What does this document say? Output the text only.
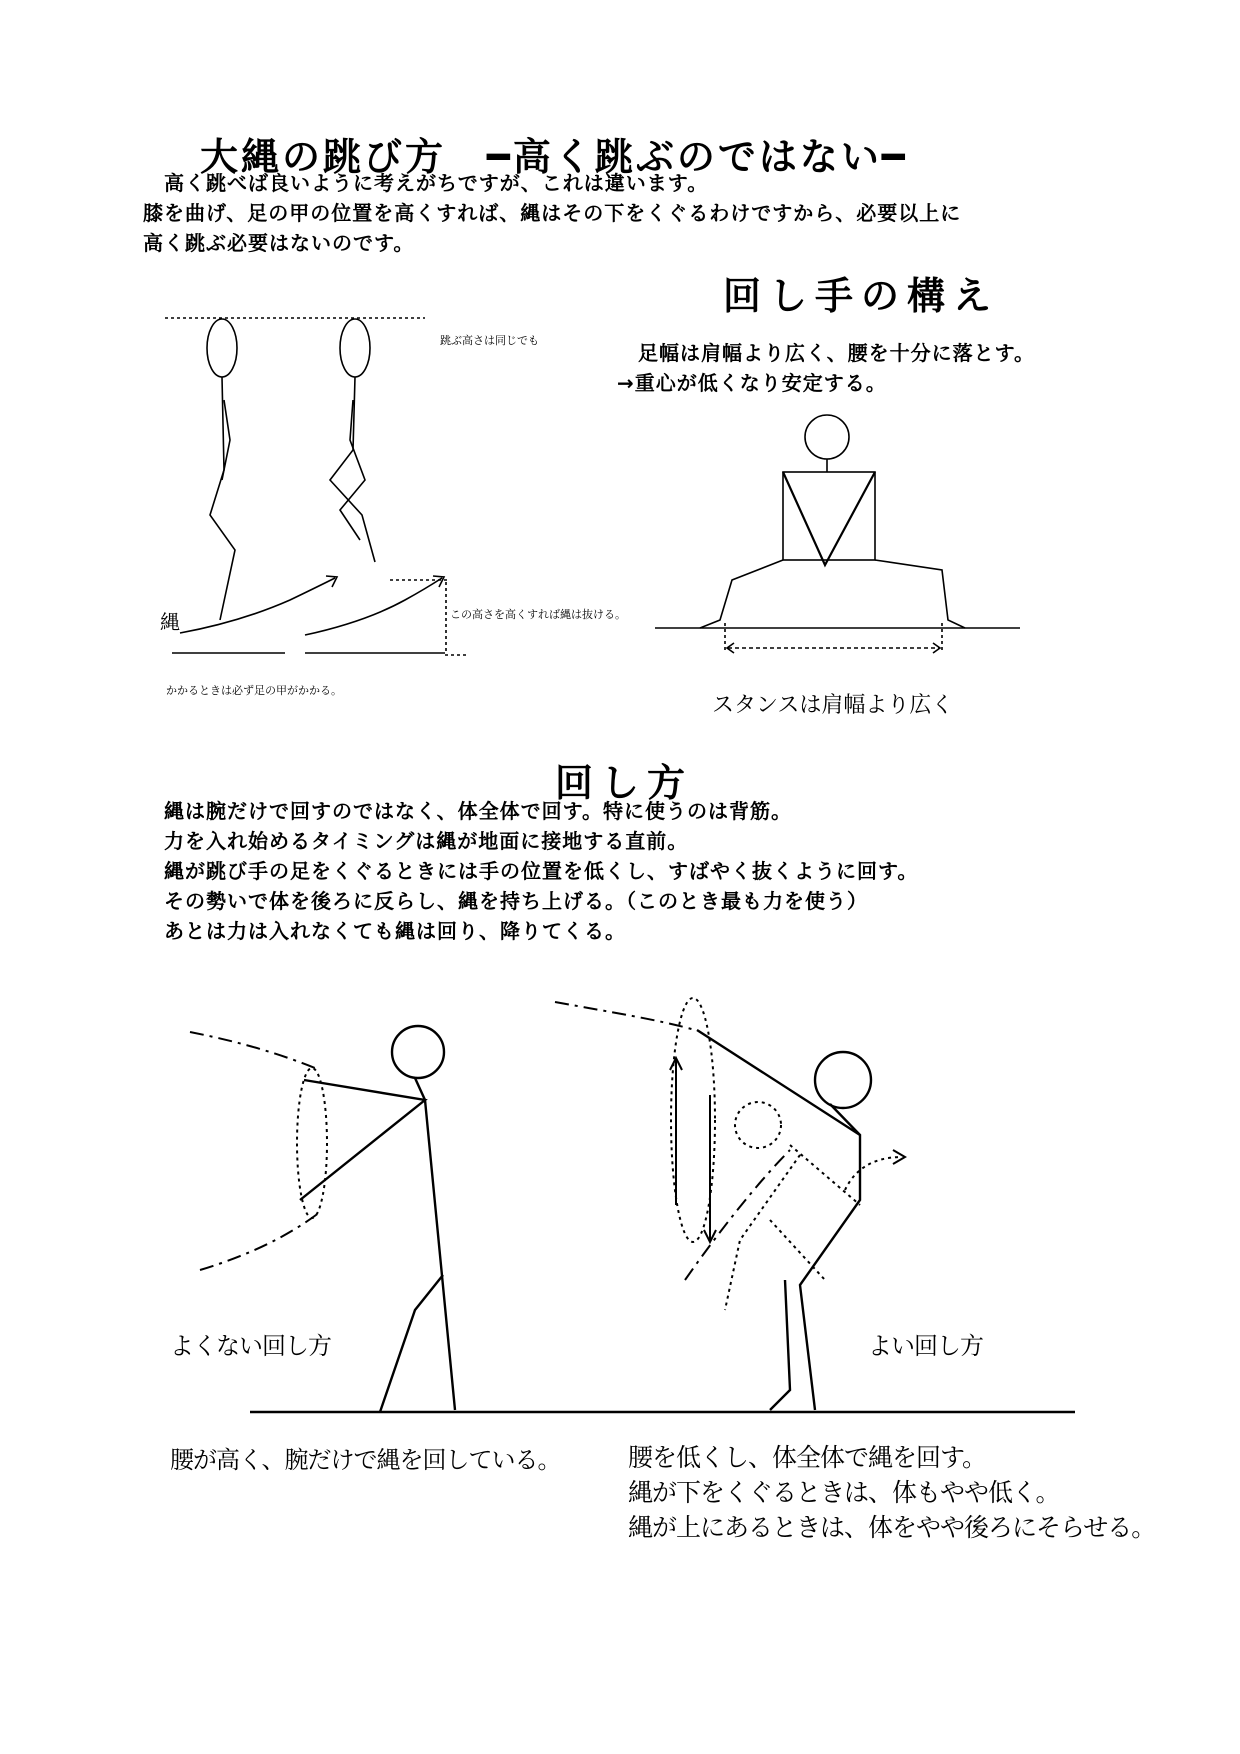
大縄の跳び方　━高く跳ぶのではない━
　高く跳べば良いように考えがちですが、これは違います。
膝を曲げ、足の甲の位置を高くすれば、縄はその下をくぐるわけですから、必要以上に
高く跳ぶ必要はないのです。
跳ぶ高さは同じでも
縄	この高さを高くすれば縄は抜ける。
かかるときは必ず足の甲がかかる。
回し手の構え
　足幅は肩幅より広く、腰を十分に落とす。
→重心が低くなり安定する。
スタンスは肩幅より広く
回し方
縄は腕だけで回すのではなく、体全体で回す。特に使うのは背筋。
力を入れ始めるタイミングは縄が地面に接地する直前。
縄が跳び手の足をくぐるときには手の位置を低くし、すばやく抜くように回す。
その勢いで体を後ろに反らし、縄を持ち上げる。（このとき最も力を使う）
あとは力は入れなくても縄は回り、降りてくる。
よくない回し方	よい回し方
腰が高く、腕だけで縄を回している。	腰を低くし、体全体で縄を回す。
縄が下をくぐるときは、体もやや低く。
縄が上にあるときは、体をやや後ろにそらせる。
